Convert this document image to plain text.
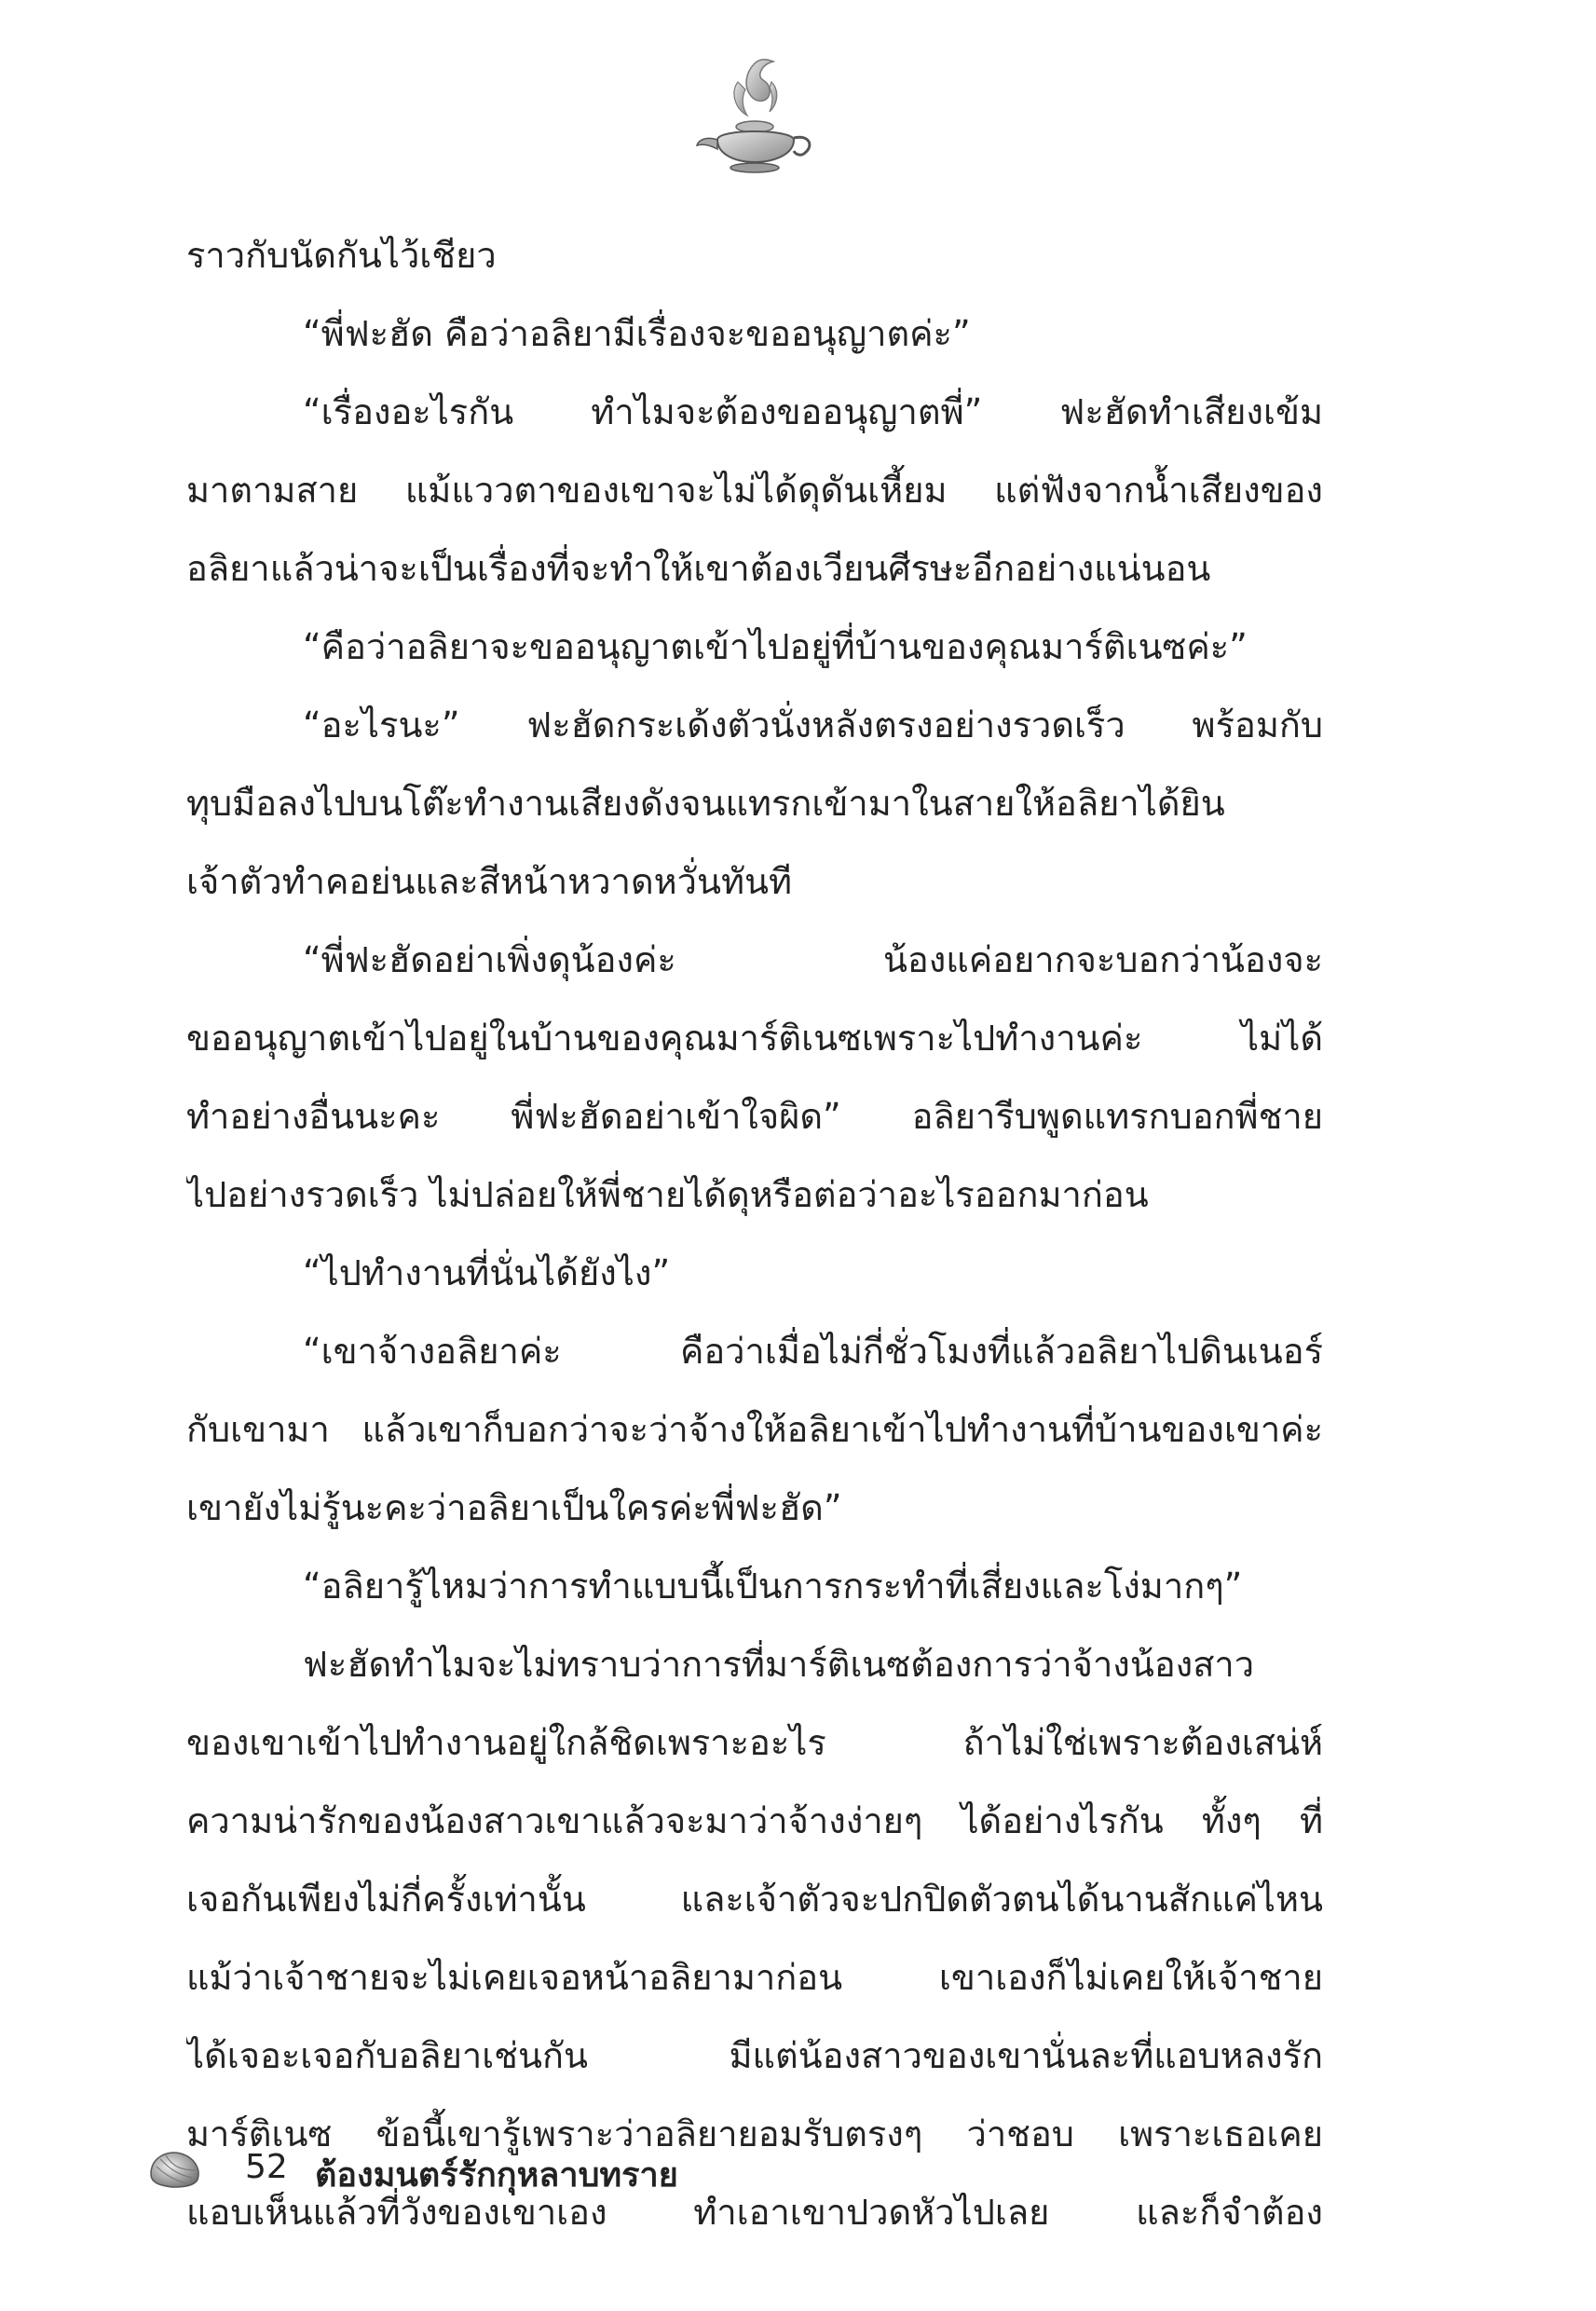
ราวกับนัดกันไว้เชียว
“พี่ฟะฮัด คือว่าอลิยามีเรื่องจะขออนุญาตค่ะ”
“เรื่องอะไรกัน ทำไมจะต้องขออนุญาตพี่” ฟะฮัดทำเสียงเข้ม
มาตามสาย แม้แววตาของเขาจะไม่ได้ดุดันเหี้ยม แต่ฟังจากน้ำเสียงของ
อลิยาแล้วน่าจะเป็นเรื่องที่จะทำให้เขาต้องเวียนศีรษะอีกอย่างแน่นอน
“คือว่าอลิยาจะขออนุญาตเข้าไปอยู่ที่บ้านของคุณมาร์ติเนซค่ะ”
“อะไรนะ” ฟะฮัดกระเด้งตัวนั่งหลังตรงอย่างรวดเร็ว พร้อมกับ
ทุบมือลงไปบนโต๊ะทำงานเสียงดังจนแทรกเข้ามาในสายให้อลิยาได้ยิน
เจ้าตัวทำคอย่นและสีหน้าหวาดหวั่นทันที
“พี่ฟะฮัดอย่าเพิ่งดุน้องค่ะ น้องแค่อยากจะบอกว่าน้องจะ
ขออนุญาตเข้าไปอยู่ในบ้านของคุณมาร์ติเนซเพราะไปทำงานค่ะ ไม่ได้
ทำอย่างอื่นนะคะ พี่ฟะฮัดอย่าเข้าใจผิด” อลิยารีบพูดแทรกบอกพี่ชาย
ไปอย่างรวดเร็ว ไม่ปล่อยให้พี่ชายได้ดุหรือต่อว่าอะไรออกมาก่อน
“ไปทำงานที่นั่นได้ยังไง”
“เขาจ้างอลิยาค่ะ คือว่าเมื่อไม่กี่ชั่วโมงที่แล้วอลิยาไปดินเนอร์
กับเขามา แล้วเขาก็บอกว่าจะว่าจ้างให้อลิยาเข้าไปทำงานที่บ้านของเขาค่ะ
เขายังไม่รู้นะคะว่าอลิยาเป็นใครค่ะพี่ฟะฮัด”
“อลิยารู้ไหมว่าการทำแบบนี้เป็นการกระทำที่เสี่ยงและโง่มากๆ”
ฟะฮัดทำไมจะไม่ทราบว่าการที่มาร์ติเนซต้องการว่าจ้างน้องสาว
ของเขาเข้าไปทำงานอยู่ใกล้ชิดเพราะอะไร ถ้าไม่ใช่เพราะต้องเสน่ห์
ความน่ารักของน้องสาวเขาแล้วจะมาว่าจ้างง่ายๆ ได้อย่างไรกัน ทั้งๆ ที่
เจอกันเพียงไม่กี่ครั้งเท่านั้น และเจ้าตัวจะปกปิดตัวตนได้นานสักแค่ไหน
แม้ว่าเจ้าชายจะไม่เคยเจอหน้าอลิยามาก่อน เขาเองก็ไม่เคยให้เจ้าชาย
ได้เจอะเจอกับอลิยาเช่นกัน มีแต่น้องสาวของเขานั่นละที่แอบหลงรัก
มาร์ติเนซ ข้อนี้เขารู้เพราะว่าอลิยายอมรับตรงๆ ว่าชอบ เพราะเธอเคย
แอบเห็นแล้วที่วังของเขาเอง ทำเอาเขาปวดหัวไปเลย และก็จำต้อง
52 ต้องมนตร์รักกุหลาบทราย
